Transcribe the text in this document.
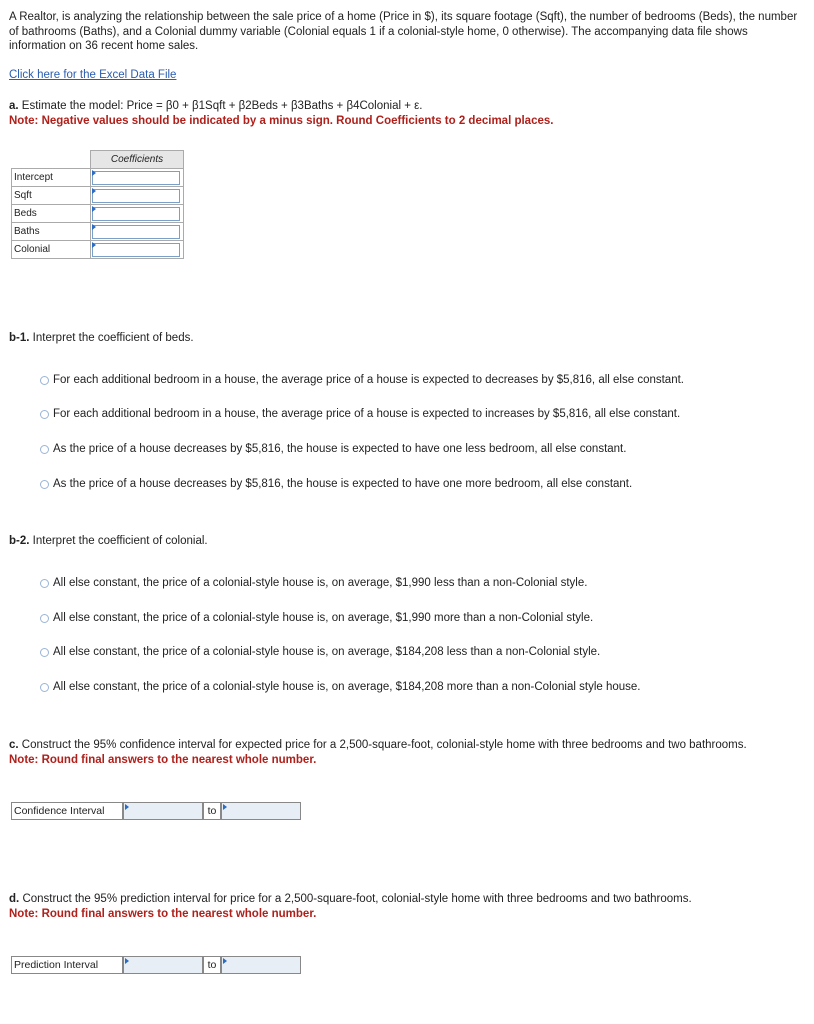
A Realtor, is analyzing the relationship between the sale price of a home (Price in $), its square footage (Sqft), the number of bedrooms (Beds), the number of bathrooms (Baths), and a Colonial dummy variable (Colonial equals 1 if a colonial-style home, 0 otherwise). The accompanying data file shows information on 36 recent home sales.
Click here for the Excel Data File
a. Estimate the model: Price = β0 + β1Sqft + β2Beds + β3Baths + β4Colonial + ε.
Note: Negative values should be indicated by a minus sign. Round Coefficients to 2 decimal places.
	Coefficients
Intercept	

Sqft	

Beds	

Baths	

Colonial	
b-1. Interpret the coefficient of beds.
For each additional bedroom in a house, the average price of a house is expected to decreases by $5,816, all else constant.
For each additional bedroom in a house, the average price of a house is expected to increases by $5,816, all else constant.
As the price of a house decreases by $5,816, the house is expected to have one less bedroom, all else constant.
As the price of a house decreases by $5,816, the house is expected to have one more bedroom, all else constant.
b-2. Interpret the coefficient of colonial.
All else constant, the price of a colonial-style house is, on average, $1,990 less than a non-Colonial style.
All else constant, the price of a colonial-style house is, on average, $1,990 more than a non-Colonial style.
All else constant, the price of a colonial-style house is, on average, $184,208 less than a non-Colonial style.
All else constant, the price of a colonial-style house is, on average, $184,208 more than a non-Colonial style house.
c. Construct the 95% confidence interval for expected price for a 2,500-square-foot, colonial-style home with three bedrooms and two bathrooms.
Note: Round final answers to the nearest whole number.
Confidence Interval	to
d. Construct the 95% prediction interval for price for a 2,500-square-foot, colonial-style home with three bedrooms and two bathrooms.
Note: Round final answers to the nearest whole number.
Prediction Interval	to
